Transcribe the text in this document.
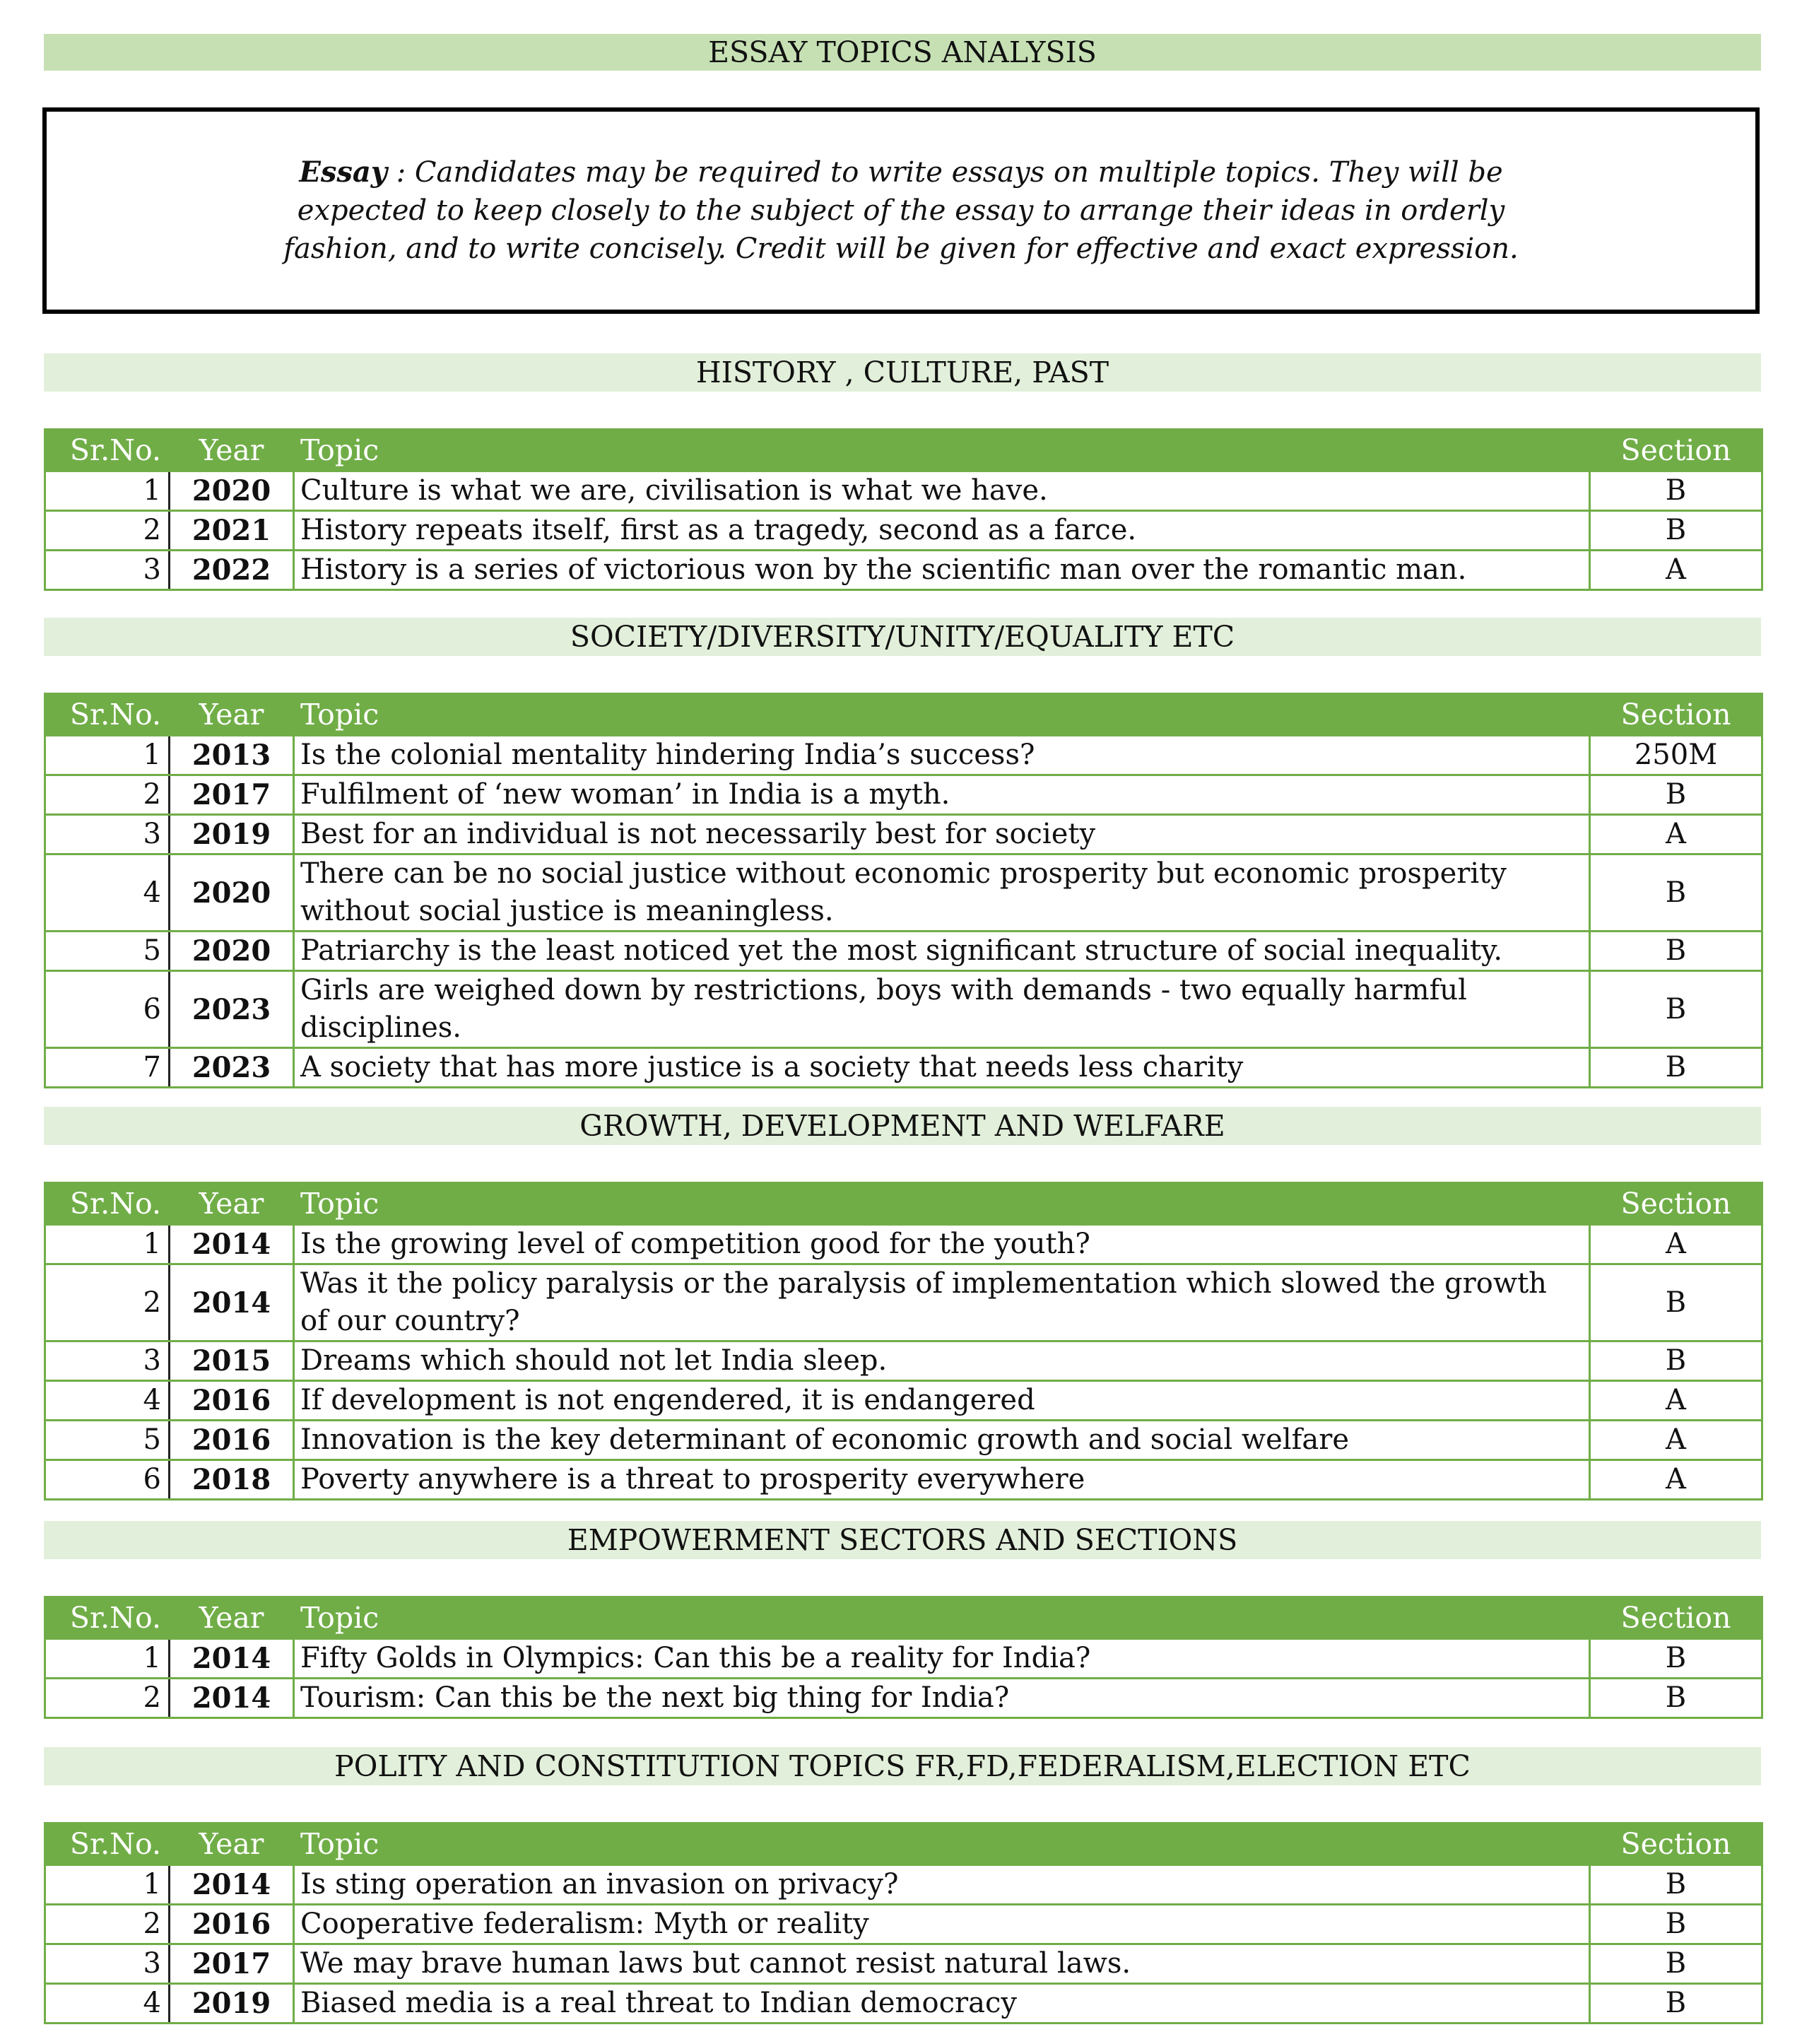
ESSAY TOPICS ANALYSIS
Essay : Candidates may be required to write essays on multiple topics. They will be expected to keep closely to the subject of the essay to arrange their ideas in orderly fashion, and to write concisely. Credit will be given for effective and exact expression.
HISTORY , CULTURE, PAST
Sr.No.	Year	Topic	Section
1	2020	Culture is what we are, civilisation is what we have.	B
2	2021	History repeats itself, first as a tragedy, second as a farce.	B
3	2022	History is a series of victorious won by the scientific man over the romantic man.	A
SOCIETY/DIVERSITY/UNITY/EQUALITY ETC
Sr.No.	Year	Topic	Section
1	2013	Is the colonial mentality hindering India’s success?	250M
2	2017	Fulfilment of ‘new woman’ in India is a myth.	B
3	2019	Best for an individual is not necessarily best for society	A
4	2020	There can be no social justice without economic prosperity but economic prosperity without social justice is meaningless.	B
5	2020	Patriarchy is the least noticed yet the most significant structure of social inequality.	B
6	2023	Girls are weighed down by restrictions, boys with demands - two equally harmful disciplines.	B
7	2023	A society that has more justice is a society that needs less charity	B
GROWTH, DEVELOPMENT AND WELFARE
Sr.No.	Year	Topic	Section
1	2014	Is the growing level of competition good for the youth?	A
2	2014	Was it the policy paralysis or the paralysis of implementation which slowed the growth of our country?	B
3	2015	Dreams which should not let India sleep.	B
4	2016	If development is not engendered, it is endangered	A
5	2016	Innovation is the key determinant of economic growth and social welfare	A
6	2018	Poverty anywhere is a threat to prosperity everywhere	A
EMPOWERMENT SECTORS AND SECTIONS
Sr.No.	Year	Topic	Section
1	2014	Fifty Golds in Olympics: Can this be a reality for India?	B
2	2014	Tourism: Can this be the next big thing for India?	B
POLITY AND CONSTITUTION TOPICS FR,FD,FEDERALISM,ELECTION ETC
Sr.No.	Year	Topic	Section
1	2014	Is sting operation an invasion on privacy?	B
2	2016	Cooperative federalism: Myth or reality	B
3	2017	We may brave human laws but cannot resist natural laws.	B
4	2019	Biased media is a real threat to Indian democracy	B
